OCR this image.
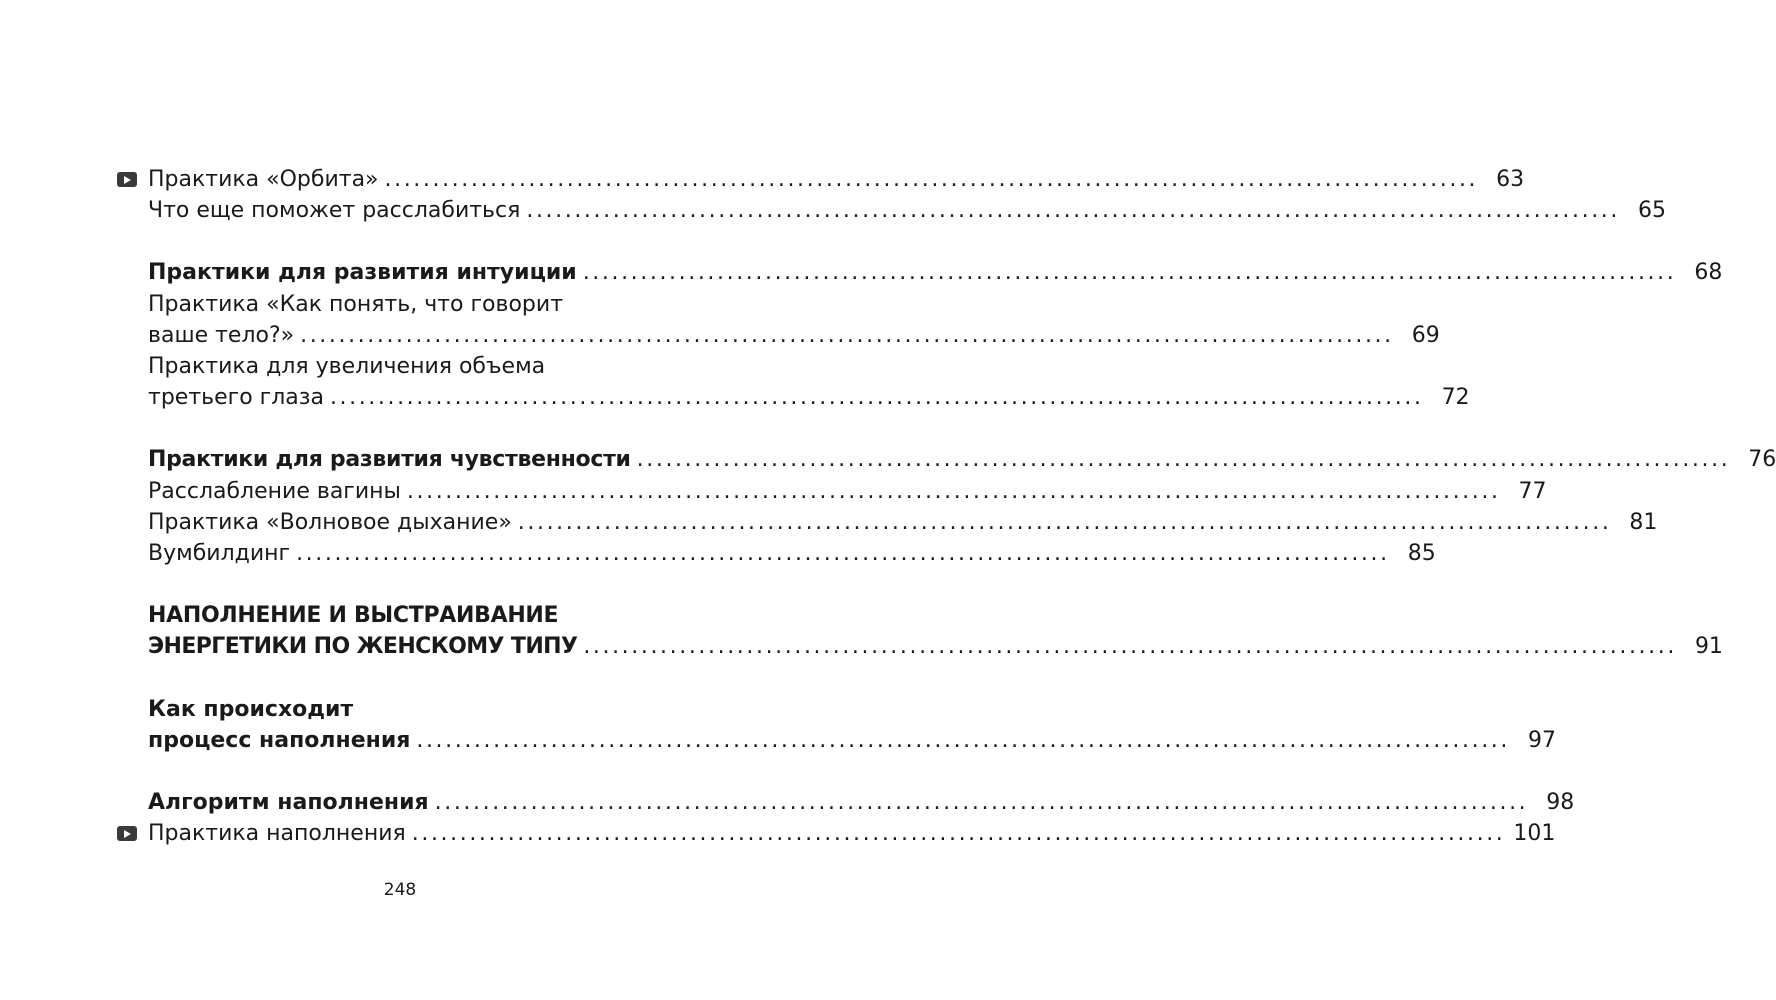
Практика «Орбита» .................................................................................................................. 63
Что еще поможет расслабиться .................................................................................................................. 65
Практики для развития интуиции .................................................................................................................. 68
Практика «Как понять, что говорит
ваше тело?» .................................................................................................................. 69
Практика для увеличения объема
третьего глаза .................................................................................................................. 72
Практики для развития чувственности .................................................................................................................. 76
Расслабление вагины .................................................................................................................. 77
Практика «Волновое дыхание» .................................................................................................................. 81
Вумбилдинг .................................................................................................................. 85
НАПОЛНЕНИЕ И ВЫСТРАИВАНИЕ
ЭНЕРГЕТИКИ ПО ЖЕНСКОМУ ТИПУ .................................................................................................................. 91
Как происходит
процесс наполнения .................................................................................................................. 97
Алгоритм наполнения .................................................................................................................. 98
Практика наполнения .................................................................................................................. 101
248
